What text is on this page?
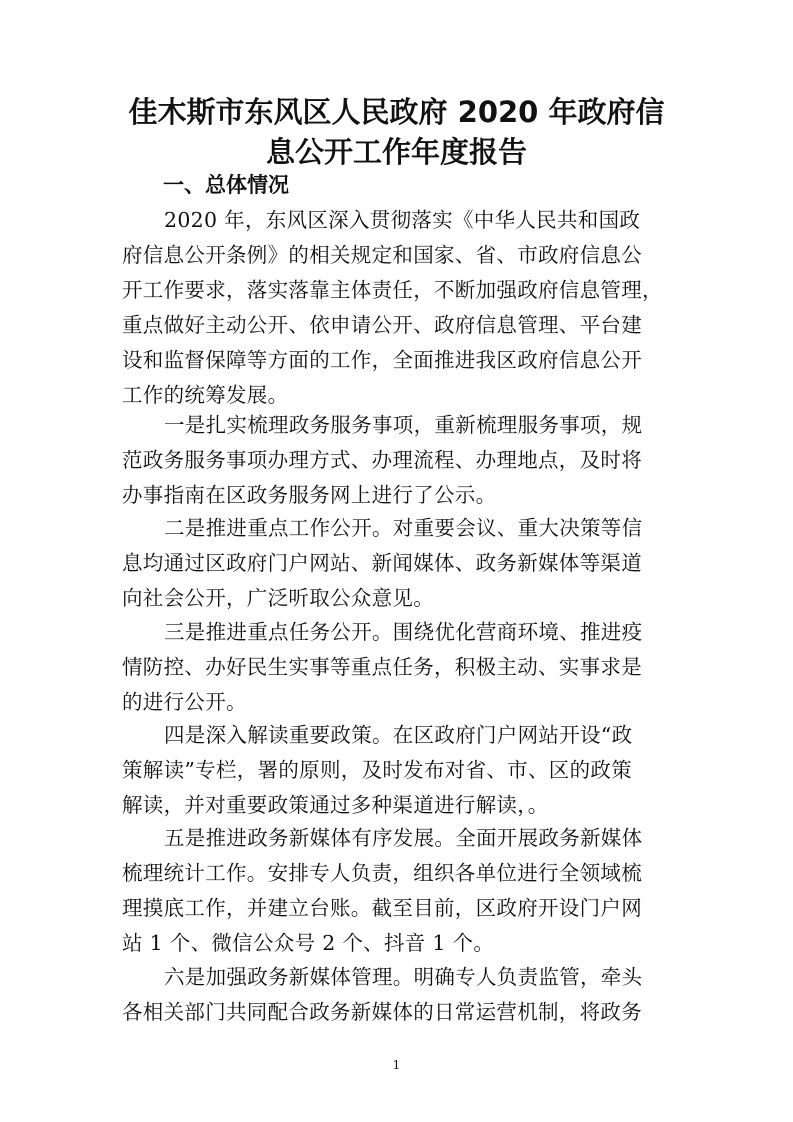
佳木斯市东风区人民政府 2020 年政府信
息公开工作年度报告
一、总体情况

2020 年，东风区深入贯彻落实《中华人民共和国政
府信息公开条例》的相关规定和国家、省、市政府信息公
开工作要求，落实落靠主体责任，不断加强政府信息管理，
重点做好主动公开、依申请公开、政府信息管理、平台建
设和监督保障等方面的工作，全面推进我区政府信息公开
工作的统筹发展。

一是扎实梳理政务服务事项，重新梳理服务事项，规
范政务服务事项办理方式、办理流程、办理地点，及时将
办事指南在区政务服务网上进行了公示。

二是推进重点工作公开。对重要会议、重大决策等信
息均通过区政府门户网站、新闻媒体、政务新媒体等渠道
向社会公开，广泛听取公众意见。

三是推进重点任务公开。围绕优化营商环境、推进疫
情防控、办好民生实事等重点任务，积极主动、实事求是
的进行公开。

四是深入解读重要政策。在区政府门户网站开设“政
策解读”专栏，署的原则，及时发布对省、市、区的政策
解读，并对重要政策通过多种渠道进行解读，。

五是推进政务新媒体有序发展。全面开展政务新媒体
梳理统计工作。安排专人负责，组织各单位进行全领域梳
理摸底工作，并建立台账。截至目前，区政府开设门户网
站 1 个、微信公众号 2 个、抖音 1 个。

六是加强政务新媒体管理。明确专人负责监管，牵头
各相关部门共同配合政务新媒体的日常运营机制，将政务

1
